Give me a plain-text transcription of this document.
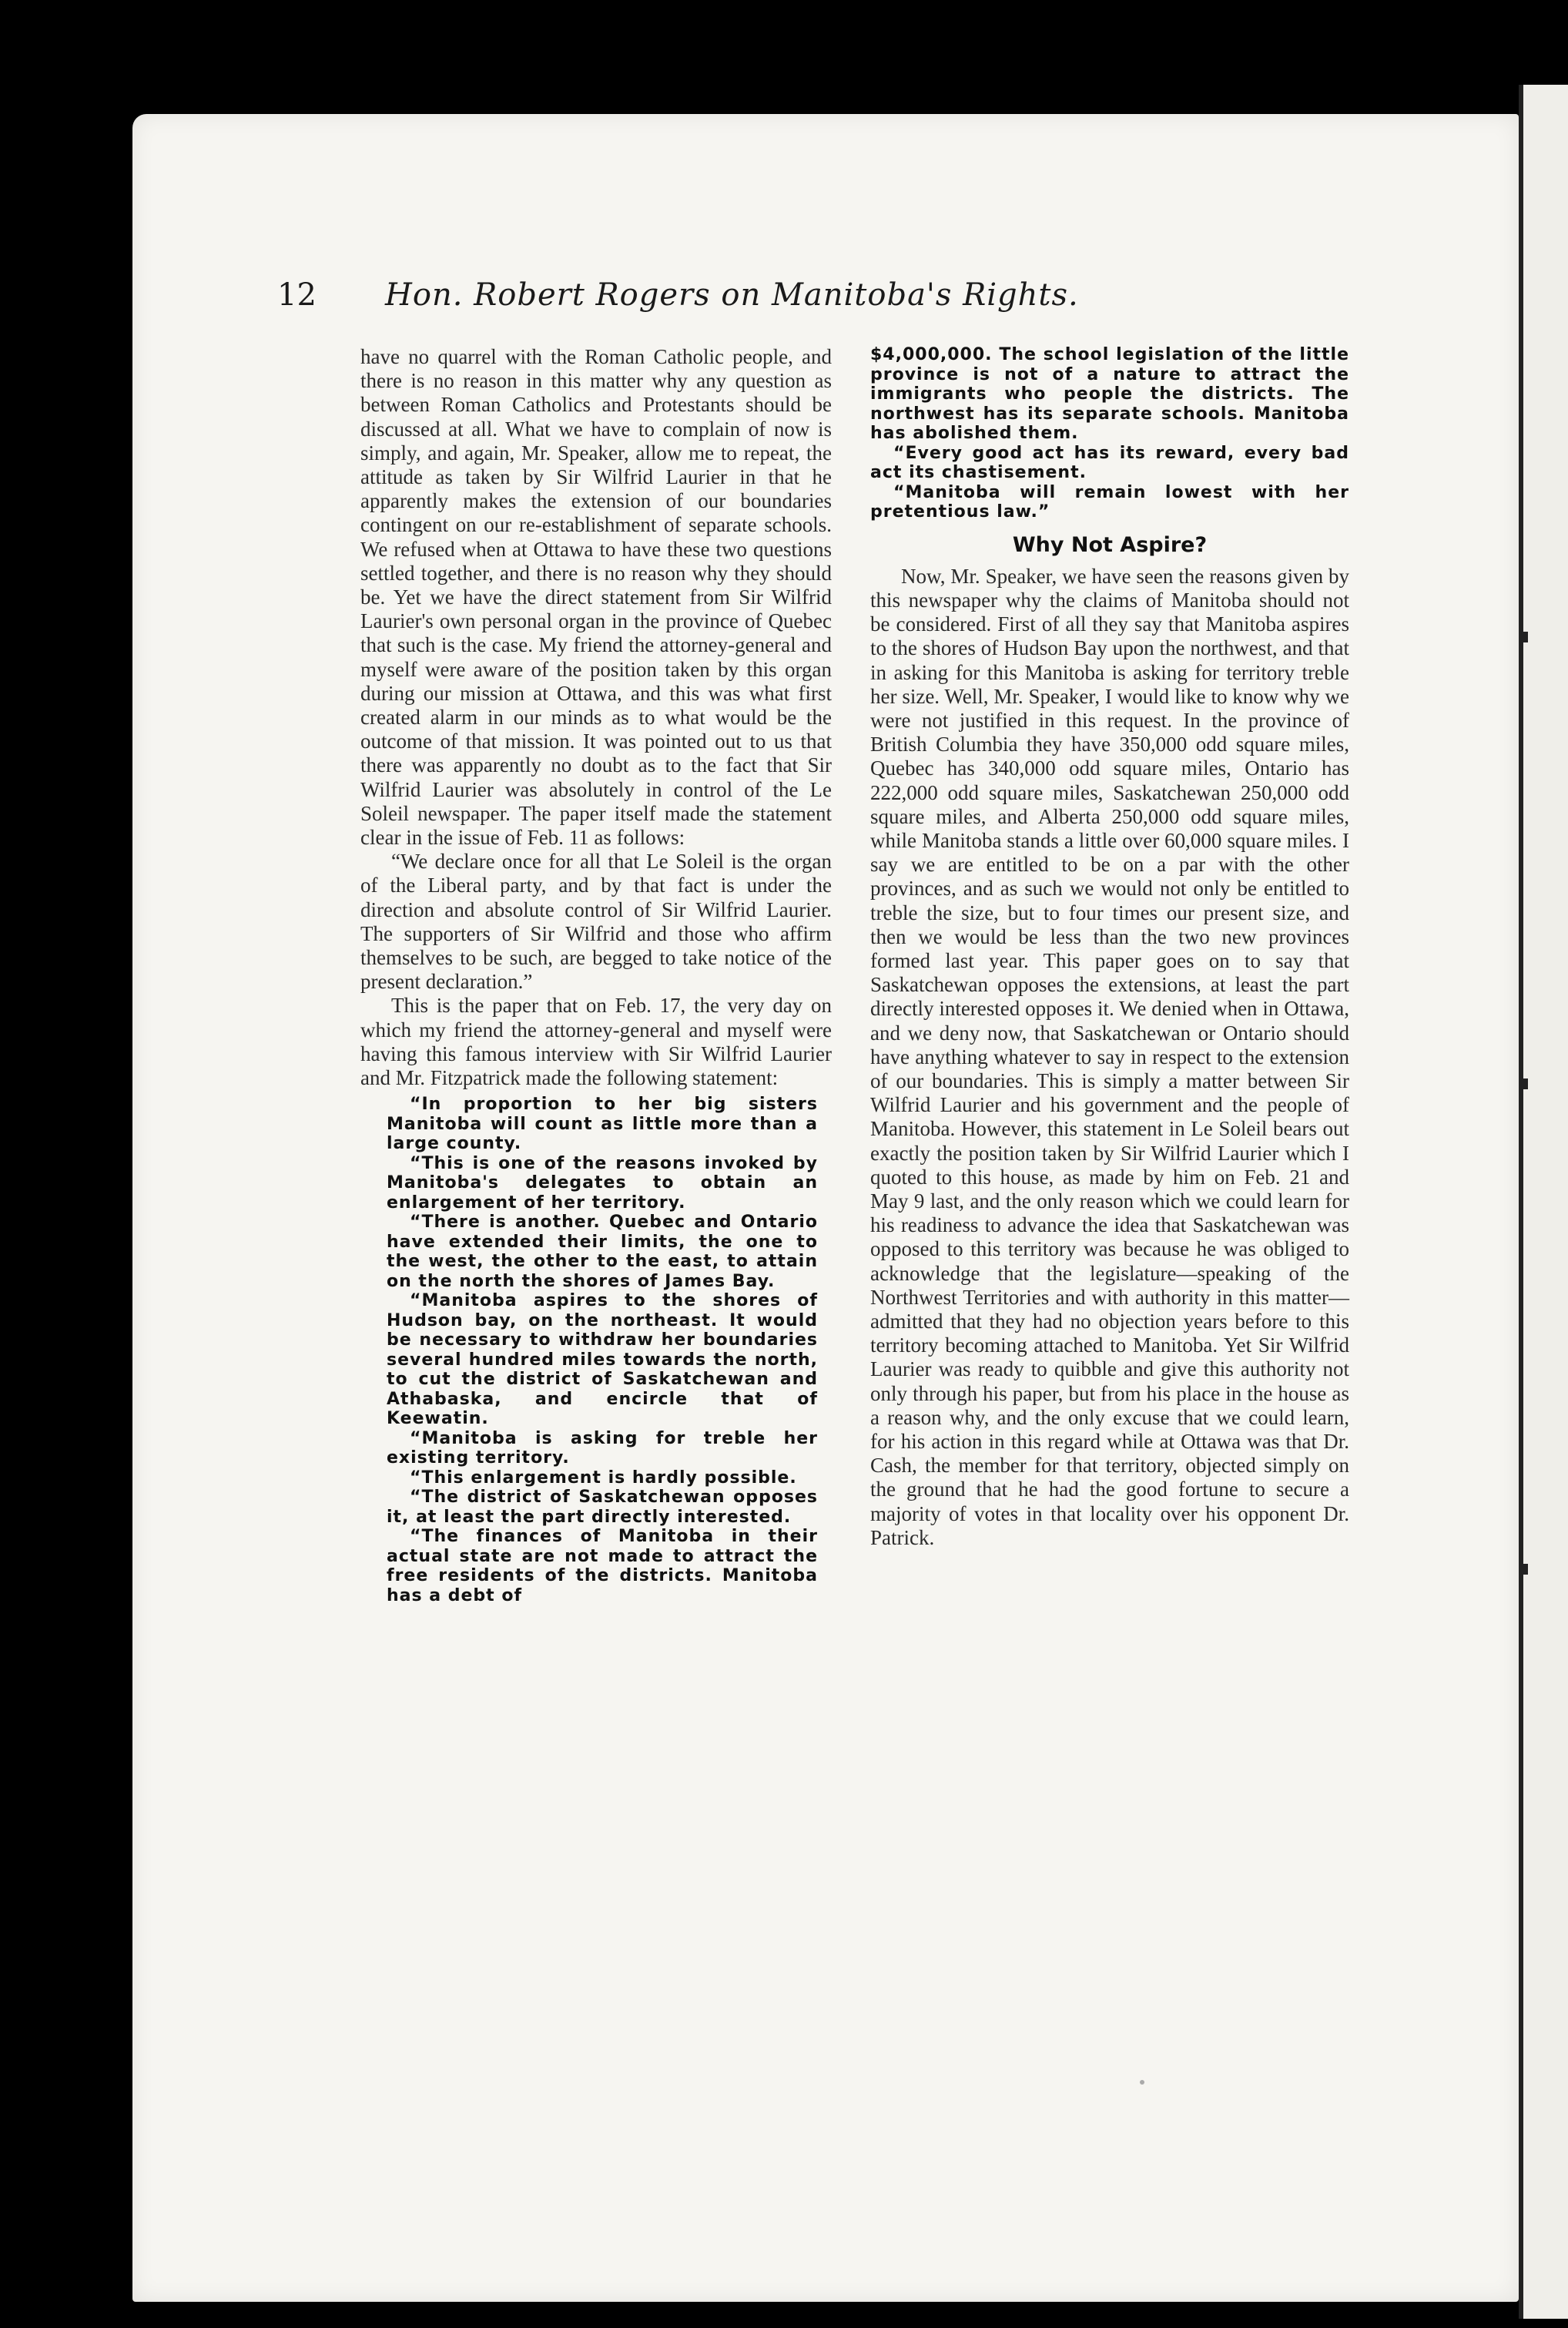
12 Hon. Robert Rogers on Manitoba's Rights.

have no quarrel with the Roman Catholic people, and there is no reason in this matter why any question as between Roman Catholics and Protestants should be discussed at all. What we have to complain of now is simply, and again, Mr. Speaker, allow me to repeat, the attitude as taken by Sir Wilfrid Laurier in that he apparently makes the extension of our boundaries contingent on our re-establishment of separate schools. We refused when at Ottawa to have these two questions settled together, and there is no reason why they should be. Yet we have the direct statement from Sir Wilfrid Laurier's own personal organ in the province of Quebec that such is the case. My friend the attorney-general and myself were aware of the position taken by this organ during our mission at Ottawa, and this was what first created alarm in our minds as to what would be the outcome of that mission. It was pointed out to us that there was apparently no doubt as to the fact that Sir Wilfrid Laurier was absolutely in control of the Le Soleil newspaper. The paper itself made the statement clear in the issue of Feb. 11 as follows:

“We declare once for all that Le Soleil is the organ of the Liberal party, and by that fact is under the direction and absolute control of Sir Wilfrid Laurier. The supporters of Sir Wilfrid and those who affirm themselves to be such, are begged to take notice of the present declaration.”

This is the paper that on Feb. 17, the very day on which my friend the attorney-general and myself were having this famous interview with Sir Wilfrid Laurier and Mr. Fitzpatrick made the following statement:

“In proportion to her big sisters Manitoba will count as little more than a large county.

“This is one of the reasons invoked by Manitoba's delegates to obtain an enlargement of her territory.

“There is another. Quebec and Ontario have extended their limits, the one to the west, the other to the east, to attain on the north the shores of James Bay.

“Manitoba aspires to the shores of Hudson bay, on the northeast. It would be necessary to withdraw her boundaries several hundred miles towards the north, to cut the district of Saskatchewan and Athabaska, and encircle that of Keewatin.

“Manitoba is asking for treble her existing territory.

“This enlargement is hardly possible.

“The district of Saskatchewan opposes it, at least the part directly interested.

“The finances of Manitoba in their actual state are not made to attract the free residents of the districts. Manitoba has a debt of

$4,000,000. The school legislation of the little province is not of a nature to attract the immigrants who people the districts. The northwest has its separate schools. Manitoba has abolished them.

“Every good act has its reward, every bad act its chastisement.

“Manitoba will remain lowest with her pretentious law.”

Why Not Aspire?

Now, Mr. Speaker, we have seen the reasons given by this newspaper why the claims of Manitoba should not be considered. First of all they say that Manitoba aspires to the shores of Hudson Bay upon the northwest, and that in asking for this Manitoba is asking for territory treble her size. Well, Mr. Speaker, I would like to know why we were not justified in this request. In the province of British Columbia they have 350,000 odd square miles, Quebec has 340,000 odd square miles, Ontario has 222,000 odd square miles, Saskatchewan 250,000 odd square miles, and Alberta 250,000 odd square miles, while Manitoba stands a little over 60,000 square miles. I say we are entitled to be on a par with the other provinces, and as such we would not only be entitled to treble the size, but to four times our present size, and then we would be less than the two new provinces formed last year. This paper goes on to say that Saskatchewan opposes the extensions, at least the part directly interested opposes it. We denied when in Ottawa, and we deny now, that Saskatchewan or Ontario should have anything whatever to say in respect to the extension of our boundaries. This is simply a matter between Sir Wilfrid Laurier and his government and the people of Manitoba. However, this statement in Le Soleil bears out exactly the position taken by Sir Wilfrid Laurier which I quoted to this house, as made by him on Feb. 21 and May 9 last, and the only reason which we could learn for his readiness to advance the idea that Saskatchewan was opposed to this territory was because he was obliged to acknowledge that the legislature—speaking of the Northwest Territories and with authority in this matter—admitted that they had no objection years before to this territory becoming attached to Manitoba. Yet Sir Wilfrid Laurier was ready to quibble and give this authority not only through his paper, but from his place in the house as a reason why, and the only excuse that we could learn, for his action in this regard while at Ottawa was that Dr. Cash, the member for that territory, objected simply on the ground that he had the good fortune to secure a majority of votes in that locality over his opponent Dr. Patrick.
